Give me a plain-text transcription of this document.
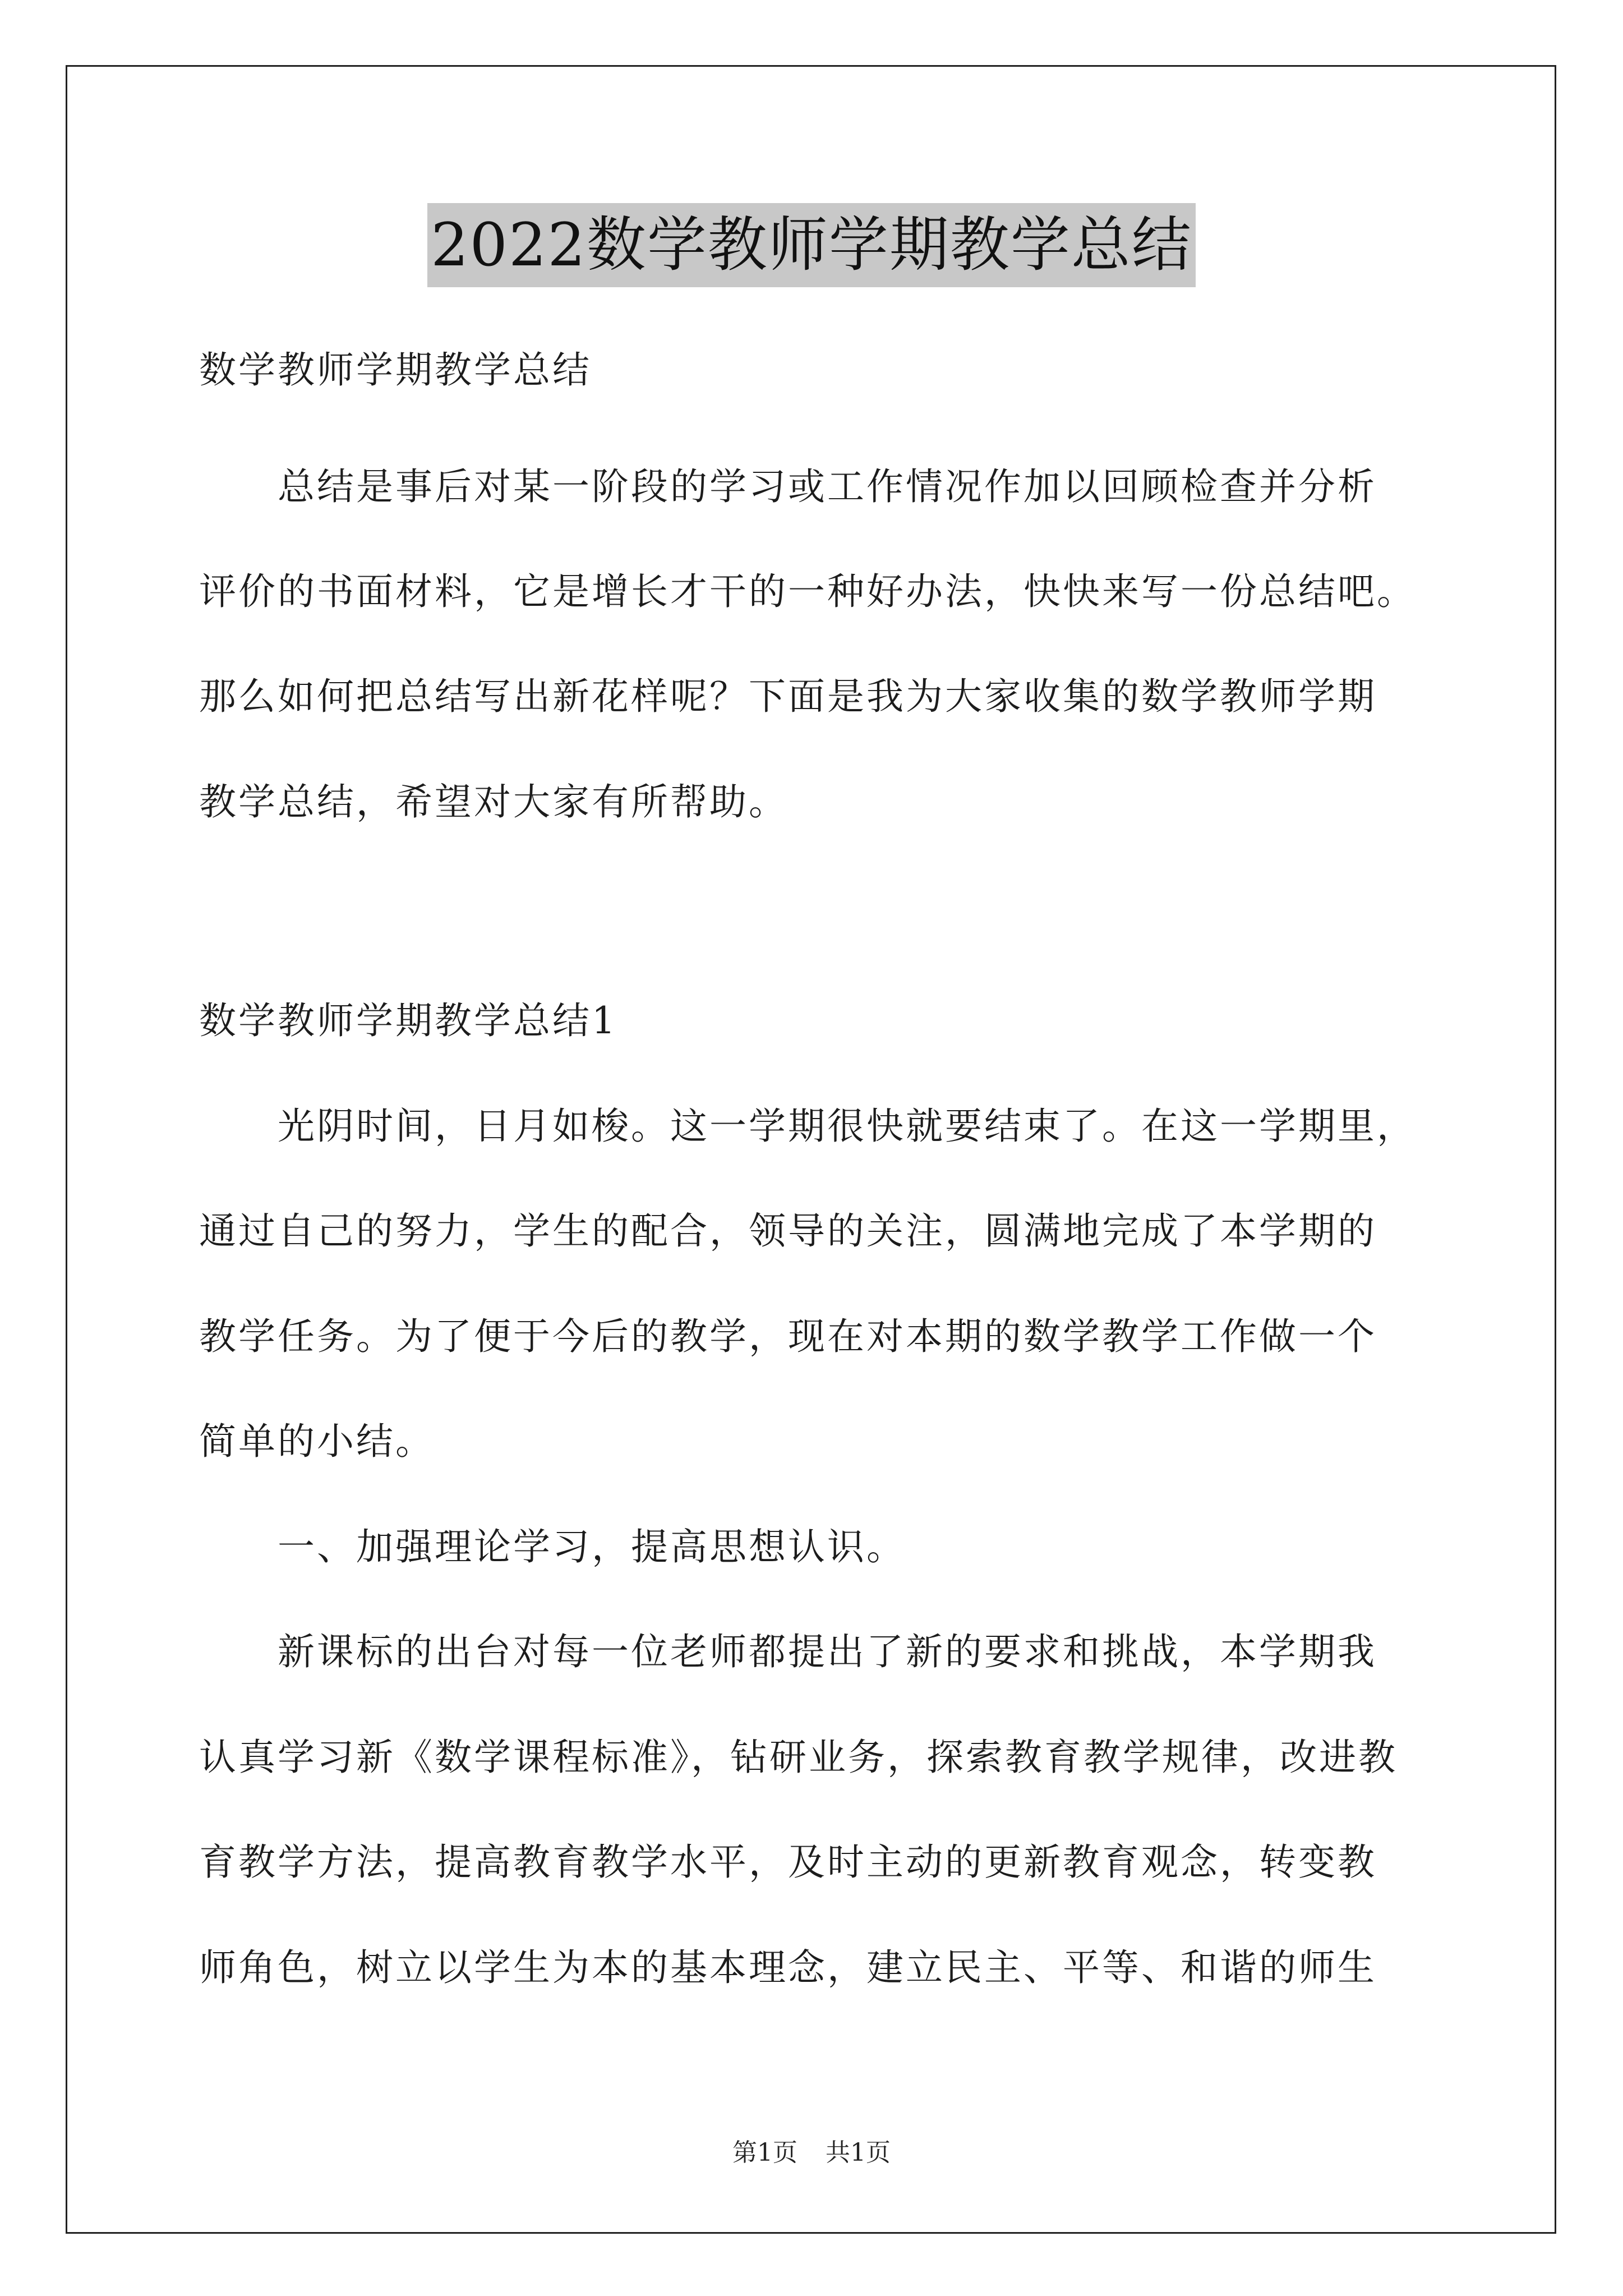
2022数学教师学期教学总结
数学教师学期教学总结
　　总结是事后对某一阶段的学习或工作情况作加以回顾检查并分析
评价的书面材料，它是增长才干的一种好办法，快快来写一份总结吧。
那么如何把总结写出新花样呢？下面是我为大家收集的数学教师学期
教学总结，希望对大家有所帮助。
数学教师学期教学总结1
　　光阴时间，日月如梭。这一学期很快就要结束了。在这一学期里，
通过自己的努力，学生的配合，领导的关注，圆满地完成了本学期的
教学任务。为了便于今后的教学，现在对本期的数学教学工作做一个
简单的小结。
　　一、加强理论学习，提高思想认识。
　　新课标的出台对每一位老师都提出了新的要求和挑战，本学期我
认真学习新《数学课程标准》，钻研业务，探索教育教学规律，改进教
育教学方法，提高教育教学水平，及时主动的更新教育观念，转变教
师角色，树立以学生为本的基本理念，建立民主、平等、和谐的师生
第1页 共1页
